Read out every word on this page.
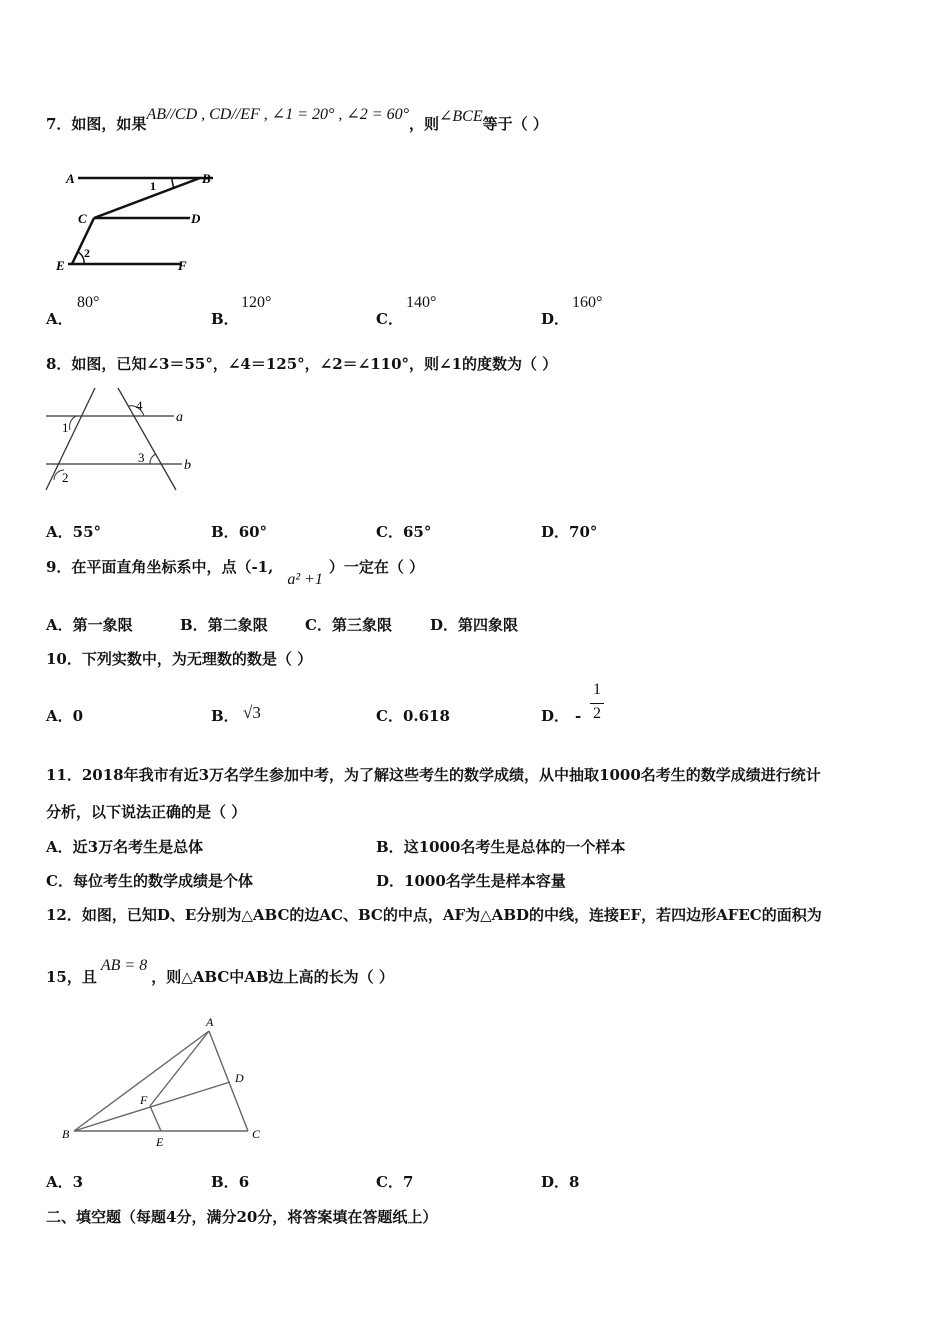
7．如图，如果AB//CD , CD//EF , ∠1 = 20° , ∠2 = 60°，则∠BCE等于（ ）
A	B
C	D
E	F
1
2
A．
80°
B．
120°
C．
140°
D．
160°
8．如图，已知∠3＝55°，∠4＝125°，∠2＝∠110°，则∠1的度数为（ ）
4
1
3
2
a
b
A．55°	B．60°	C．65°	D．70°
9．在平面直角坐标系中，点（-1,a² +1）一定在（ ）
A．第一象限	B．第二象限 C．第三象限	D．第四象限
10．下列实数中，为无理数的数是（ ）
A．0	B． √3	C．0.618	D． -
1
2
11．2018年我市有近3万名学生参加中考，为了解这些考生的数学成绩，从中抽取1000名考生的数学成绩进行统计
分析，以下说法正确的是（ ）
A．近3万名考生是总体	B．这1000名考生是总体的一个样本
C．每位考生的数学成绩是个体	D．1000名学生是样本容量
12．如图，已知D、E分别为△ABC的边AC、BC的中点，AF为△ABD的中线，连接EF，若四边形AFEC的面积为
15，且AB = 8，则△ABC中AB边上高的长为（ ）
A
B	C
D
E
F
A．3	B．6	C．7	D．8
二、填空题（每题4分，满分20分，将答案填在答题纸上）
